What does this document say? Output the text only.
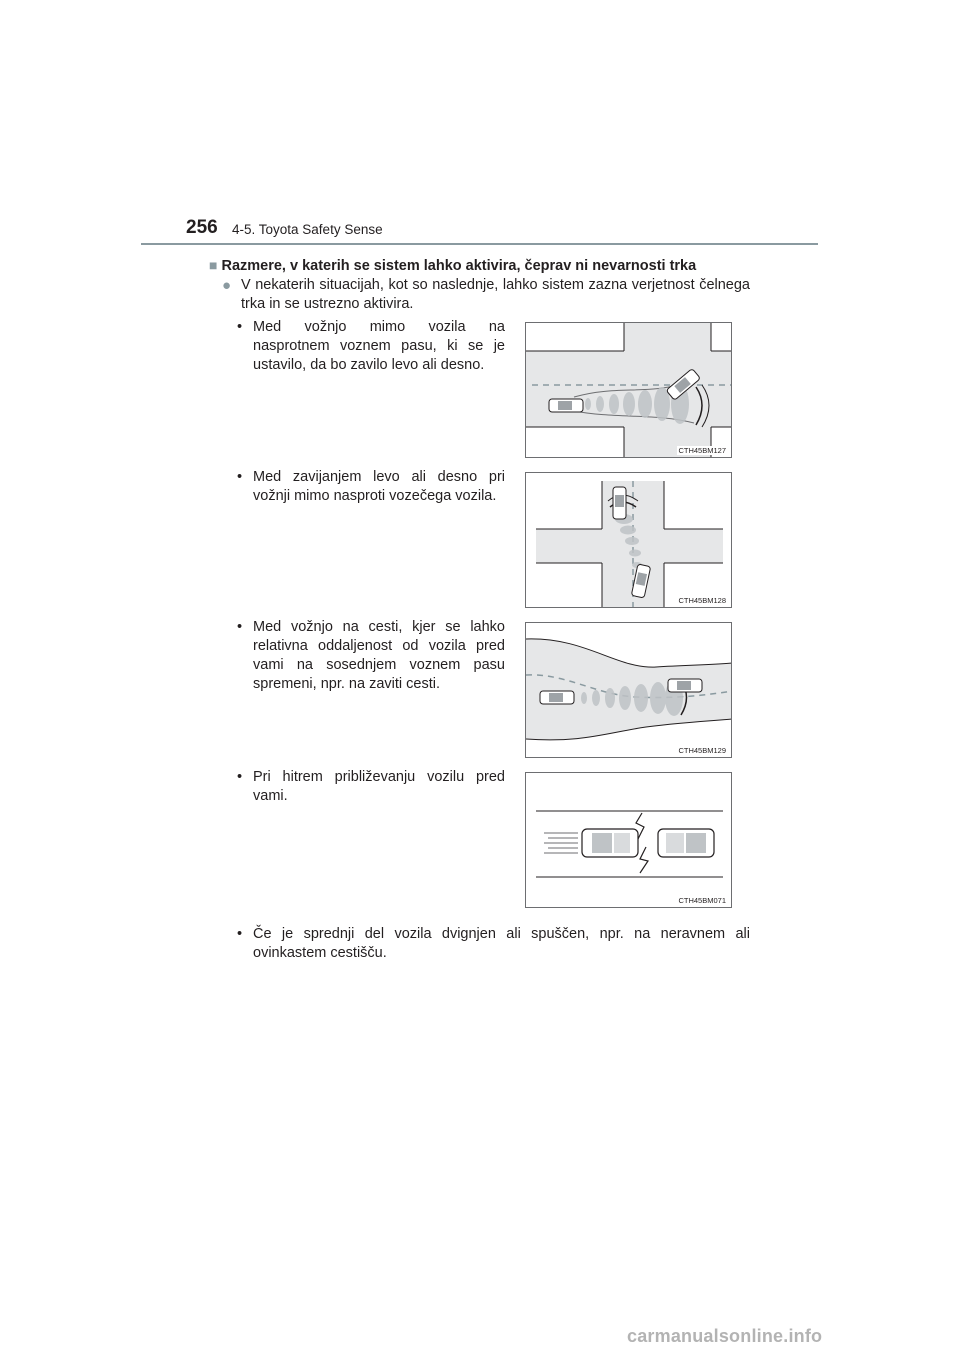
256 4-5. Toyota Safety Sense
■ Razmere, v katerih se sistem lahko aktivira, čeprav ni nevarnosti trka
● V nekaterih situacijah, kot so naslednje, lahko sistem zazna verjetnost čelnega trka in se ustrezno aktivira.
• Med vožnjo mimo vozila na nasprotnem voznem pasu, ki se je ustavilo, da bo zavilo levo ali desno.
CTH45BM127
• Med zavijanjem levo ali desno pri vožnji mimo nasproti vozečega vozila.
CTH45BM128
• Med vožnjo na cesti, kjer se lahko relativna oddaljenost od vozila pred vami na sosednjem voznem pasu spremeni, npr. na zaviti cesti.
CTH45BM129
• Pri hitrem približevanju vozilu pred vami.
CTH45BM071
• Če je sprednji del vozila dvignjen ali spuščen, npr. na neravnem ali ovinkastem cestišču.
carmanualsonline.info
